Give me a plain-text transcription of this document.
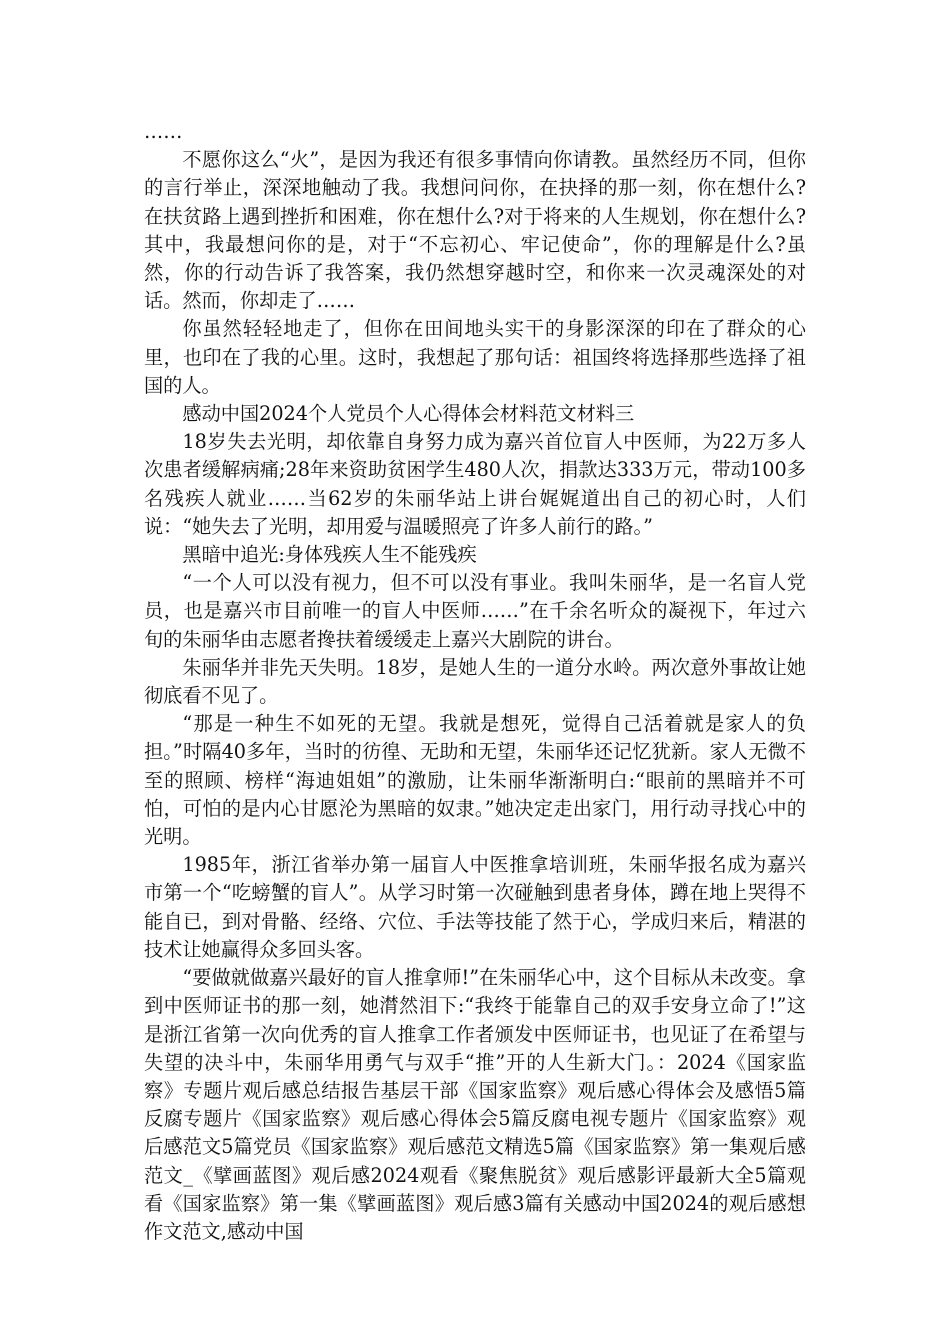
……

不愿你这么“火”，是因为我还有很多事情向你请教。虽然经历不同，但你的言行举止，深深地触动了我。我想问问你，在抉择的那一刻，你在想什么?在扶贫路上遇到挫折和困难，你在想什么?对于将来的人生规划，你在想什么?其中，我最想问你的是，对于“不忘初心、牢记使命”，你的理解是什么?虽然，你的行动告诉了我答案，我仍然想穿越时空，和你来一次灵魂深处的对话。然而，你却走了……

你虽然轻轻地走了，但你在田间地头实干的身影深深的印在了群众的心里，也印在了我的心里。这时，我想起了那句话：祖国终将选择那些选择了祖国的人。

感动中国2024个人党员个人心得体会材料范文材料三

18岁失去光明，却依靠自身努力成为嘉兴首位盲人中医师，为22万多人次患者缓解病痛;28年来资助贫困学生480人次，捐款达333万元，带动100多名残疾人就业……当62岁的朱丽华站上讲台娓娓道出自己的初心时，人们说：“她失去了光明，却用爱与温暖照亮了许多人前行的路。”

黑暗中追光:身体残疾人生不能残疾

“一个人可以没有视力，但不可以没有事业。我叫朱丽华，是一名盲人党员，也是嘉兴市目前唯一的盲人中医师……”在千余名听众的凝视下，年过六旬的朱丽华由志愿者搀扶着缓缓走上嘉兴大剧院的讲台。

朱丽华并非先天失明。18岁，是她人生的一道分水岭。两次意外事故让她彻底看不见了。

“那是一种生不如死的无望。我就是想死，觉得自己活着就是家人的负担。”时隔40多年，当时的彷徨、无助和无望，朱丽华还记忆犹新。家人无微不至的照顾、榜样“海迪姐姐”的激励，让朱丽华渐渐明白:“眼前的黑暗并不可怕，可怕的是内心甘愿沦为黑暗的奴隶。”她决定走出家门，用行动寻找心中的光明。

1985年，浙江省举办第一届盲人中医推拿培训班，朱丽华报名成为嘉兴市第一个“吃螃蟹的盲人”。从学习时第一次碰触到患者身体，蹲在地上哭得不能自已，到对骨骼、经络、穴位、手法等技能了然于心，学成归来后，精湛的技术让她赢得众多回头客。

“要做就做嘉兴最好的盲人推拿师!”在朱丽华心中，这个目标从未改变。拿到中医师证书的那一刻，她潸然泪下:“我终于能靠自己的双手安身立命了!”这是浙江省第一次向优秀的盲人推拿工作者颁发中医师证书，也见证了在希望与失望的决斗中，朱丽华用勇气与双手“推”开的人生新大门。：2024《国家监察》专题片观后感总结报告基层干部《国家监察》观后感心得体会及感悟5篇反腐专题片《国家监察》观后感心得体会5篇反腐电视专题片《国家监察》观后感范文5篇党员《国家监察》观后感范文精选5篇《国家监察》第一集观后感范文_《擘画蓝图》观后感2024观看《聚焦脱贫》观后感影评最新大全5篇观看《国家监察》第一集《擘画蓝图》观后感3篇有关感动中国2024的观后感想作文范文,感动中国
